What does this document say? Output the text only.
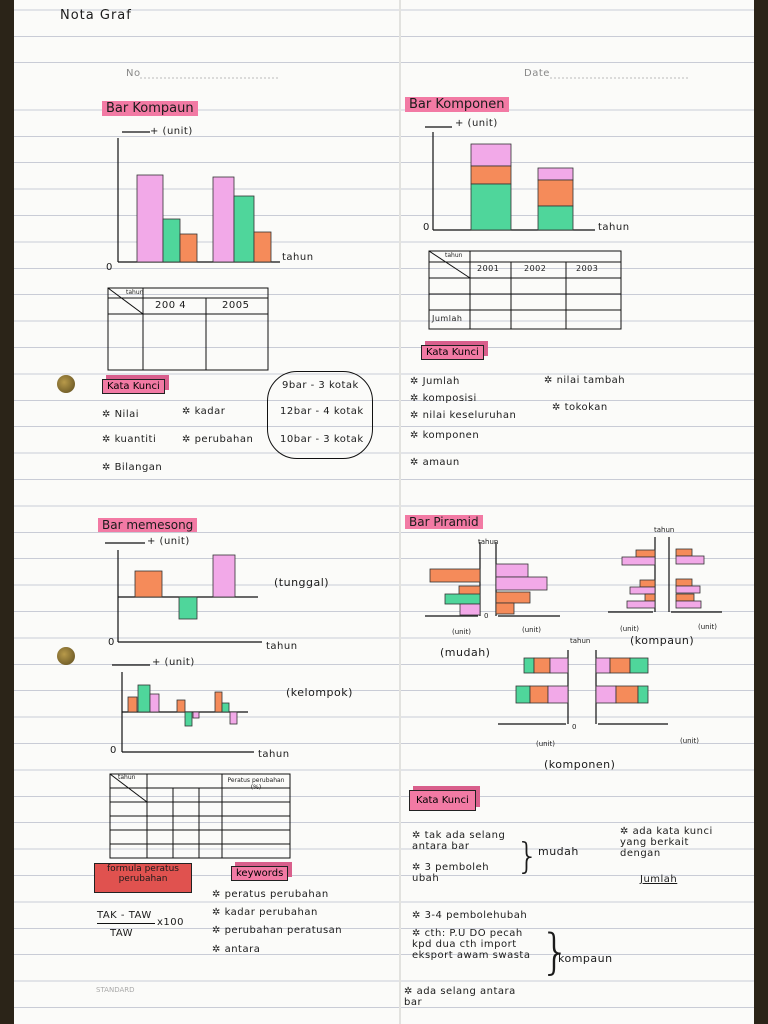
Nota Graf
No	Date
STANDARD
Bar Kompaun
+ (unit)
tahun
0
tahun
200 4	2005
Kata Kunci
✲ Nilai	✲ kadar
✲ kuantiti	✲ perubahan
✲ Bilangan
9bar - 3 kotak
12bar - 4 kotak
10bar - 3 kotak
Bar Komponen
+ (unit)
tahun
0
tahun
2001	2002	2003
Jumlah
Kata Kunci
✲ Jumlah	✲ nilai tambah
✲ komposisi
✲ nilai keseluruhan
✲ tokokan
✲ komponen
✲ amaun
Bar memesong
+ (unit)
tahun
0
(tunggal)
+ (unit)
tahun
0
(kelompok)
tahun	Peratus perubahan (%)
formula peratus perubahan
TAK - TAW
x100
TAW
keywords
✲ peratus perubahan
✲ kadar perubahan
✲ perubahan peratusan
✲ antara
Bar Piramid
tahun
tahun
tahun
(unit)	(unit)	(unit)	(unit)
(unit)	(unit)
0
0
(mudah)
(kompaun)
(komponen)
Kata Kunci
✲ tak ada selang antara bar
✲ 3 pemboleh ubah
} mudah
✲ ada kata kunci yang berkait dengan
Jumlah
✲ 3-4 pembolehubah
✲ cth: P.U DO pecah kpd dua cth import eksport awam swasta }
kompaun
✲ ada selang antara bar
